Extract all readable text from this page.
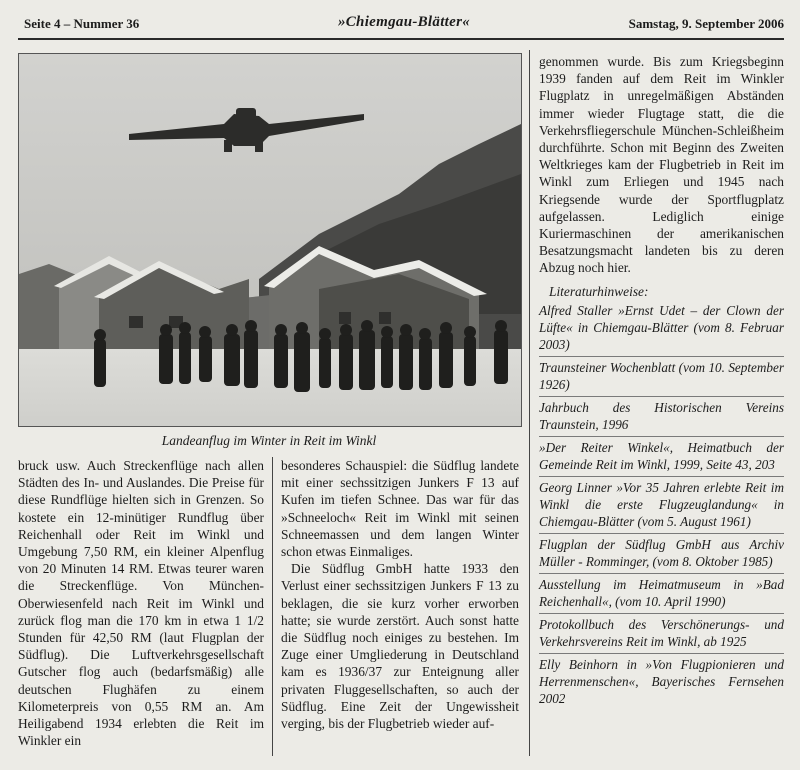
Seite 4 – Nummer 36	»Chiemgau-Blätter«	Samstag, 9. September 2006
Landeanflug im Winter in Reit im Winkl

bruck usw. Auch Streckenflüge nach allen Städten des In- und Auslandes. Die Preise für diese Rundflüge hielten sich in Grenzen. So kostete ein 12-minütiger Rundflug über Reichenhall oder Reit im Winkl und Umgebung 7,50 RM, ein kleiner Alpenflug von 20 Minuten 14 RM. Etwas teurer waren die Streckenflüge. Von München-Oberwiesenfeld nach Reit im Winkl und zurück flog man die 170 km in etwa 1 1/2 Stunden für 42,50 RM (laut Flugplan der Südflug). Die Luftverkehrsgesellschaft Gutscher flog auch (bedarfsmäßig) alle deutschen Flughäfen zu einem Kilometerpreis von 0,55 RM an. Am Heiligabend 1934 erlebten die Reit im Winkler ein

besonderes Schauspiel: die Südflug landete mit einer sechssitzigen Junkers F 13 auf Kufen im tiefen Schnee. Das war für das »Schneeloch« Reit im Winkl mit seinen Schneemassen und dem langen Winter schon etwas Einmaliges.

Die Südflug GmbH hatte 1933 den Verlust einer sechssitzigen Junkers F 13 zu beklagen, die sie kurz vorher erworben hatte; sie wurde zerstört. Auch sonst hatte die Südflug noch einiges zu bestehen. Im Zuge einer Umgliederung in Deutschland kam es 1936/37 zur Enteignung aller privaten Fluggesellschaften, so auch der Südflug. Eine Zeit der Ungewissheit verging, bis der Flugbetrieb wieder auf-

genommen wurde. Bis zum Kriegsbeginn 1939 fanden auf dem Reit im Winkler Flugplatz in unregelmäßigen Abständen immer wieder Flugtage statt, die die Verkehrsfliegerschule München-Schleißheim durchführte. Schon mit Beginn des Zweiten Weltkrieges kam der Flugbetrieb in Reit im Winkl zum Erliegen und 1945 nach Kriegsende wurde der Sportflugplatz aufgelassen. Lediglich einige Kuriermaschinen der amerikanischen Besatzungsmacht landeten bis zu deren Abzug noch hier.

Literaturhinweise:

Alfred Staller »Ernst Udet – der Clown der Lüfte« in Chiemgau-Blätter (vom 8. Februar 2003)

Traunsteiner Wochenblatt (vom 10. September 1926)

Jahrbuch des Historischen Vereins Traunstein, 1996

»Der Reiter Winkel«, Heimatbuch der Gemeinde Reit im Winkl, 1999, Seite 43, 203

Georg Linner »Vor 35 Jahren erlebte Reit im Winkl die erste Flugzeuglandung« in Chiemgau-Blätter (vom 5. August 1961)

Flugplan der Südflug GmbH aus Archiv Müller - Romminger, (vom 8. Oktober 1985)

Ausstellung im Heimatmuseum in »Bad Reichenhall«, (vom 10. April 1990)

Protokollbuch des Verschönerungs- und Verkehrsvereins Reit im Winkl, ab 1925

Elly Beinhorn in »Von Flugpionieren und Herrenmenschen«, Bayerisches Fernsehen 2002
